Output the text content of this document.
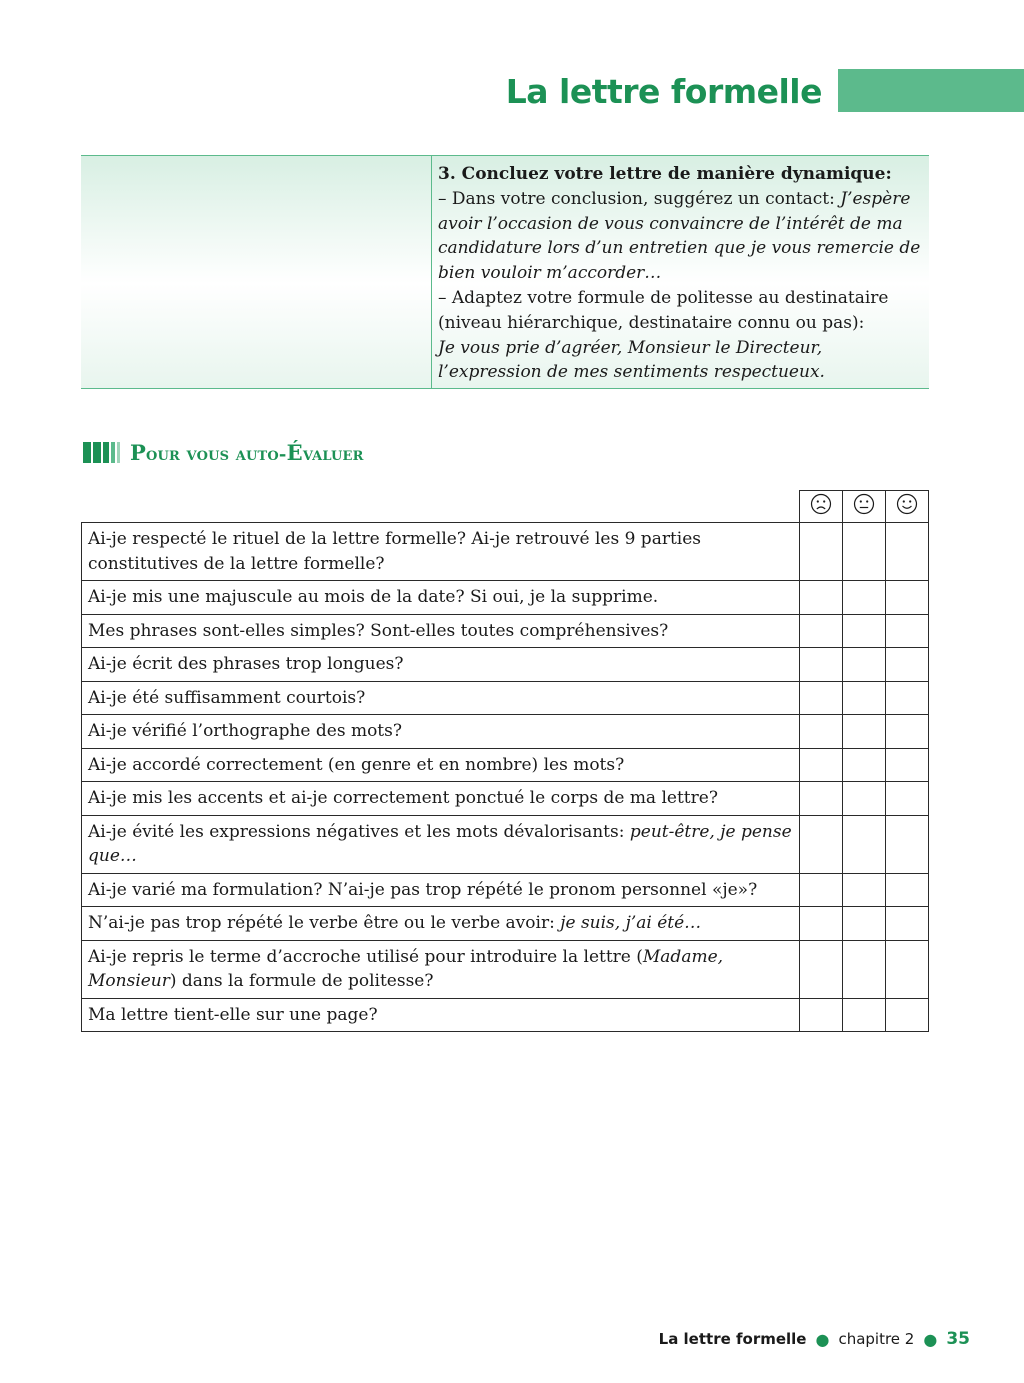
La lettre formelle
3. Concluez votre lettre de manière dynamique:
– Dans votre conclusion, suggérez un contact: J’espère avoir l’occasion de vous convaincre de l’intérêt de ma candidature lors d’un entretien que je vous remercie de bien vouloir m’accorder…
– Adaptez votre formule de politesse au destinataire (niveau hiérarchique, destinataire connu ou pas):
Je vous prie d’agréer, Monsieur le Directeur, l’expression de mes sentiments respectueux.
Pour vous auto-Évaluer

Ai-je respecté le rituel de la lettre formelle? Ai-je retrouvé les 9 parties constitutives de la lettre formelle?			
Ai-je mis une majuscule au mois de la date? Si oui, je la supprime.			
Mes phrases sont-elles simples? Sont-elles toutes compréhensives?			
Ai-je écrit des phrases trop longues?			
Ai-je été suffisamment courtois?			
Ai-je vérifié l’orthographe des mots?			
Ai-je accordé correctement (en genre et en nombre) les mots?			
Ai-je mis les accents et ai-je correctement ponctué le corps de ma lettre?			
Ai-je évité les expressions négatives et les mots dévalorisants: peut-être, je pense que…			
Ai-je varié ma formulation? N’ai-je pas trop répété le pronom personnel «je»?			
N’ai-je pas trop répété le verbe être ou le verbe avoir: je suis, j’ai été…			
Ai-je repris le terme d’accroche utilisé pour introduire la lettre (Madame, Monsieur) dans la formule de politesse?			
Ma lettre tient-elle sur une page?			
La lettre formelle ● chapitre 2 ● 35
